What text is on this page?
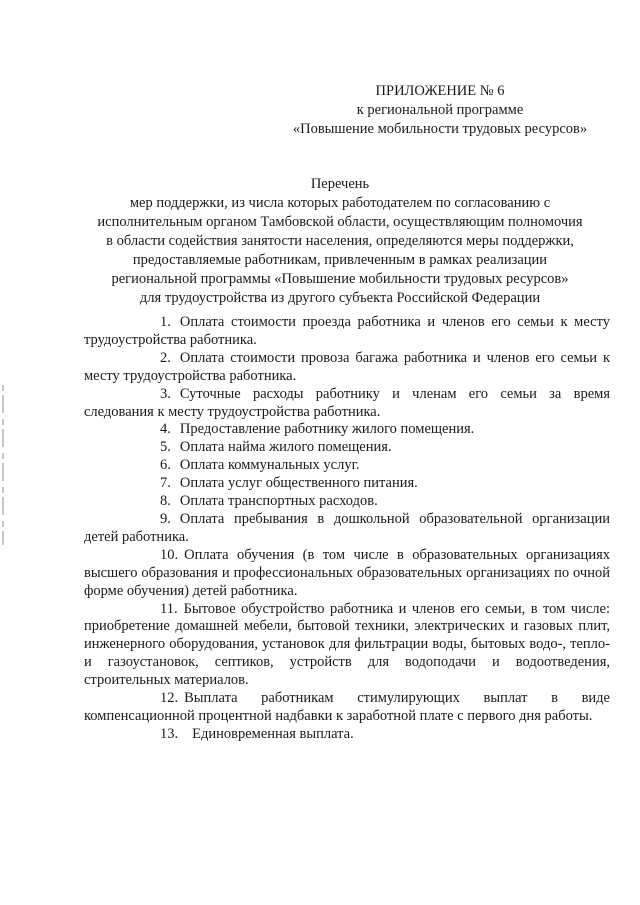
ПРИЛОЖЕНИЕ № 6
к региональной программе
«Повышение мобильности трудовых ресурсов»
Перечень
мер поддержки, из числа которых работодателем по согласованию с
исполнительным органом Тамбовской области, осуществляющим полномочия
в области содействия занятости населения, определяются меры поддержки,
предоставляемые работникам, привлеченным в рамках реализации
региональной программы «Повышение мобильности трудовых ресурсов»
для трудоустройства из другого субъекта Российской Федерации

1. Оплата стоимости проезда работника и членов его семьи к месту трудоустройства работника.

2. Оплата стоимости провоза багажа работника и членов его семьи к месту трудоустройства работника.

3. Суточные расходы работнику и членам его семьи за время следования к месту трудоустройства работника.

4. Предоставление работнику жилого помещения.

5. Оплата найма жилого помещения.

6. Оплата коммунальных услуг.

7. Оплата услуг общественного питания.

8. Оплата транспортных расходов.

9. Оплата пребывания в дошкольной образовательной организации детей работника.

10. Оплата обучения (в том числе в образовательных организациях высшего образования и профессиональных образовательных организациях по очной форме обучения) детей работника.

11. Бытовое обустройство работника и членов его семьи, в том числе: приобретение домашней мебели, бытовой техники, электрических и газовых плит, инженерного оборудования, установок для фильтрации воды, бытовых водо-, тепло- и газоустановок, септиков, устройств для водоподачи и водоотведения, строительных материалов.

12. Выплата работникам стимулирующих выплат в виде компенсационной процентной надбавки к заработной плате с первого дня работы.

13. Единовременная выплата.
